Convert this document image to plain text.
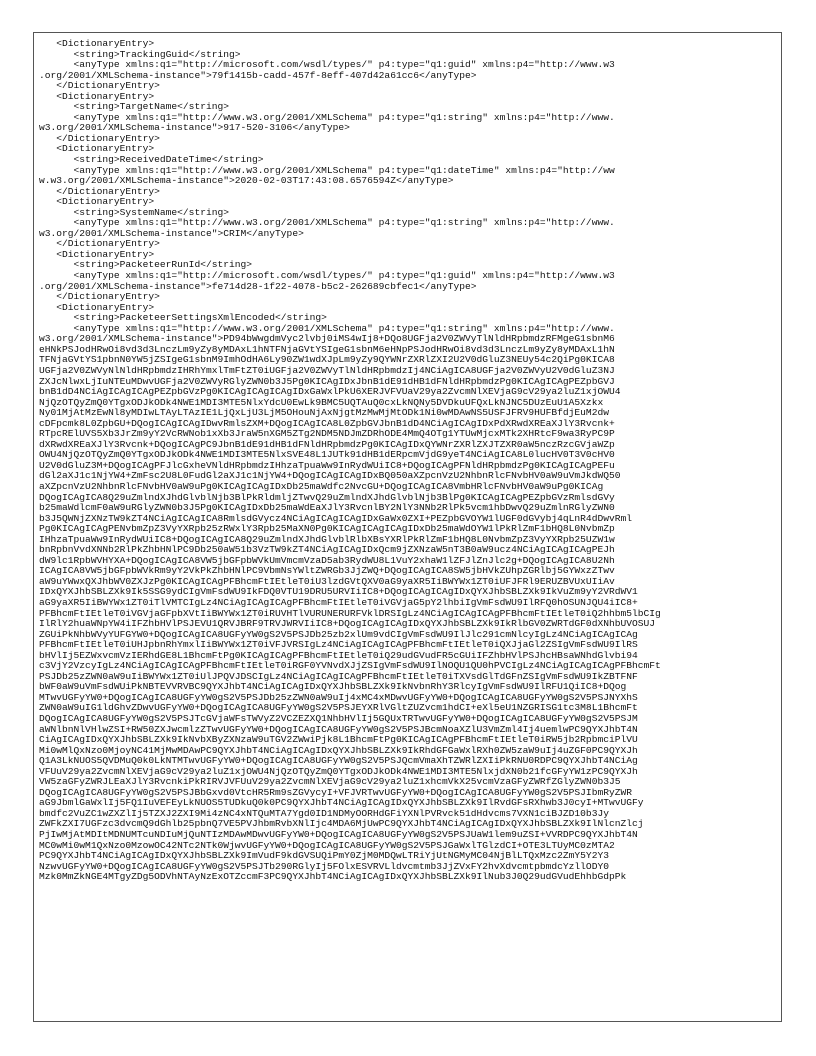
<DictionaryEntry>
<string>TrackingGuid</string>
<anyType xmlns:q1="http://microsoft.com/wsdl/types/" p4:type="q1:guid" xmlns:p4="http://www.w3
.org/2001/XMLSchema-instance">79f1415b-cadd-457f-8eff-407d42a61cc6</anyType>
</DictionaryEntry>
<DictionaryEntry>
<string>TargetName</string>
<anyType xmlns:q1="http://www.w3.org/2001/XMLSchema" p4:type="q1:string" xmlns:p4="http://www.
w3.org/2001/XMLSchema-instance">917-520-3106</anyType>
</DictionaryEntry>
<DictionaryEntry>
<string>ReceivedDateTime</string>
<anyType xmlns:q1="http://www.w3.org/2001/XMLSchema" p4:type="q1:dateTime" xmlns:p4="http://ww
w.w3.org/2001/XMLSchema-instance">2020-02-03T17:43:08.6576594Z</anyType>
</DictionaryEntry>
<DictionaryEntry>
<string>SystemName</string>
<anyType xmlns:q1="http://www.w3.org/2001/XMLSchema" p4:type="q1:string" xmlns:p4="http://www.
w3.org/2001/XMLSchema-instance">CRIM</anyType>
</DictionaryEntry>
<DictionaryEntry>
<string>PacketeerRunId</string>
<anyType xmlns:q1="http://microsoft.com/wsdl/types/" p4:type="q1:guid" xmlns:p4="http://www.w3
.org/2001/XMLSchema-instance">fe714d28-1f22-4078-b5c2-262689cbfec1</anyType>
</DictionaryEntry>
<DictionaryEntry>
<string>PacketeerSettingsXmlEncoded</string>
<anyType xmlns:q1="http://www.w3.org/2001/XMLSchema" p4:type="q1:string" xmlns:p4="http://www.
w3.org/2001/XMLSchema-instance">PD94bWwgdmVyc2lvbj0iMS4wIj8+DQo8UGFja2V0ZWVyTlNldHRpbmdzRFMgeG1sbnM6
eHNkPSJodHRwOi8vd3d3LnczLm9yZy8yMDAxL1hNTFNjaGVtYSIgeG1sbnM6eHNpPSJodHRwOi8vd3d3LnczLm9yZy8yMDAxL1hN
TFNjaGVtYS1pbnN0YW5jZSIgeG1sbnM9ImhOdHA6Ly90ZW1wdXJpLm9yZy9QYWNrZXRlZXI2U2V0dGluZ3NEUy54c2QiPg0KICA8
UGFja2V0ZWVyNlNldHRpbmdzIHRhYmxlTmFtZT0iUGFja2V0ZWVyTlNldHRpbmdzIj4NCiAgICA8UGFja2V0ZWVyU2V0dGluZ3NJ
ZXJcNlwxLjIuNTEuMDwvUGFja2V0ZWVyRGlyZWN0b3J5Pg0KICAgIDxJbnB1dE91dHB1dFNldHRpbmdzPg0KICAgICAgPEZpbGVJ
bnB1dD4NCiAgICAgICAgPEZpbGVzPg0KICAgICAgICAgIDxGaWxlPkU6XERJVFVUaV29ya2ZvcmNlXEVjaG9cV29ya2luZ1xjOWU4
NjQzOTQyZmQ0YTgxODJkODk4NWE1MDI3MTE5NlxYdcU0EwLk9BMC5UQTAuQ0cxLkNQNy5DVDkuUFQxLkNJNC5DUzEuU1A5Xzkx
Ny01MjAtMzEwNl8yMDIwLTAyLTAzIE1LjQxLjU3LjM5OHouNjAxNjgtMzMwMjMtODk1Ni0wMDAwNS5USFJFRV9HUFBfdjEuM2dw
cDFpcmk8L0ZpbGU+DQogICAgICAgIDwvRmlsZXM+DQogICAgICA8L0ZpbGVJbnB1dD4NCiAgICAgIDxPdXRwdXREaXJlY3Rvcnk+
RTpcRElUVS5Xb3JrZm9yY2VcRWNob1xXb3JraW5nXGM5ZTg2NDM5NDJmZDRhODE4MmQ4OTg1YTUwMjcxMTk2XHRtcF9wa3RyPC9P
dXRwdXREaXJlY3Rvcnk+DQogICAgPC9JbnB1dE91dHB1dFNldHRpbmdzPg0KICAgIDxQYWNrZXRlZXJTZXR0aW5nczRzcGVjaWZp
OWU4NjQzOTQyZmQ0YTgxODJkODk4NWE1MDI3MTE5NlxSVE48L1JUTk91dHB1dERpcmVjdG9yeT4NCiAgICA8L0lucHV0T3V0cHV0
U2V0dGluZ3M+DQogICAgPFJlcGxheVNldHRpbmdzIHhzaTpuaWw9InRydWUiIC8+DQogICAgPFNldHRpbmdzPg0KICAgICAgPEFu
dGl2aXJ1c1NjYW4+ZmFsc2U8L0FudGl2aXJ1c1NjYW4+DQogICAgICAgIDxBQ050aXZpcnVzU2NhbnRlcFNvbHV0aW9uVmJkdWQ50
aXZpcnVzU2NhbnRlcFNvbHV0aW9uPg0KICAgICAgIDxDb25maWdfc2NvcGU+DQogICAgICA8VmbHRlcFNvbHV0aW9uPg0KICAg
DQogICAgICA8Q29uZmlndXJhdGlvblNjb3BlPkRldmljZTwvQ29uZmlndXJhdGlvblNjb3BlPg0KICAgICAgPEZpbGVzRmlsdGVy
b25maWdlcmF0aW9uRGlyZWN0b3J5Pg0KICAgIDxDb25maWdEaXJlY3RvcnlBY2NlY3NNb2RlPk5vcm1hbDwvQ29uZmlnRGlyZWN0
b3J5QWNjZXNzTW9kZT4NCiAgICAgICA8RmlsdGVycz4NCiAgICAgICAgIDxGaWx0ZXI+PEZpbGVOYW1lUGF0dGVybj4qLnR4dDwvRml
Pg0KICAgICAgPENvbmZpZ3VyYXRpb25zRWxlY3Rpb25MaXN0Pg0KICAgICAgICAgIDxDb25maWdOYW1lPkRlZmF1bHQ8L0NvbmZp
IHhzaTpuaWw9InRydWUiIC8+DQogICAgICA8Q29uZmlndXJhdGlvblRlbXBsYXRlPkRlZmF1bHQ8L0NvbmZpZ3VyYXRpb25UZW1w
bnRpbnVvdXNNb2RlPkZhbHNlPC9Db250aW51b3VzTW9kZT4NCiAgICAgIDxQcm9jZXNzaW5nT3B0aW9ucz4NCiAgICAgICAgPEJh
dW9lc1RpbWVHYXA+DQogICAgICA8VW5jbGFpbWVkUmVmcmVzaD5ab3RydWU8L1VuY2xhaW1lZFJlZnJlc2g+DQogICAgICA8U2Nh
ICAgICA8VW5jbGFpbWVkRm9yY2VkPkZhbHNlPC9VbmNsYWltZWRGb3JjZWQ+DQogICAgICA8SW5jbHVkZUhpZGRlbj5GYWxzZTwv
aW9uYWwxQXJhbWV0ZXJzPg0KICAgICAgPFBhcmFtIEtleT0iU3lzdGVtQXV0aG9yaXR5IiBWYWx1ZT0iUFJFRl9ERUZBVUxUIiAv
IDxQYXJhbSBLZXk9Ik5SSG9ydCIgVmFsdWU9IkFDQ0VTU19DRU5URVIiIC8+DQogICAgICAgIDxQYXJhbSBLZXk9IkVuZm9yY2VRdWV1
aG9yaXR5IiBWYWx1ZT0iTlVMTCIgLz4NCiAgICAgICAgPFBhcmFtIEtleT0iVGVjaG5pY2lhbiIgVmFsdWU9IlRFQ0hOSUNJQU4iIC8+
PFBhcmFtIEtleT0iVGVjaGFpbXVtIiBWYWx1ZT0iRUVHTlVURUNERURFVklDRSIgLz4NCiAgICAgICAgPFBhcmFtIEtleT0iQ2hhbm5lbCIg
IlRlY2huaWNpYW4iIFZhbHVlPSJEVU1QRVJBRF9TRVJWRVIiIC8+DQogICAgICAgIDxQYXJhbSBLZXk9IkRlbGV0ZWRTdGF0dXNhbUVOSUJ
ZGUiPkNhbWVyYUFGYW0+DQogICAgICA8UGFyYW0gS2V5PSJDb25zb2xlUm9vdCIgVmFsdWU9IlJlc291cmNlcyIgLz4NCiAgICAgICAg
PFBhcmFtIEtleT0iUHJpbnRhYmxlIiBWYWx1ZT0iVFJVRSIgLz4NCiAgICAgICAgPFBhcmFtIEtleT0iQXJjaGl2ZSIgVmFsdWU9IlRS
bHVlIj5EZWxvcmVzIERhdGE8L1BhcmFtPg0KICAgICAgPFBhcmFtIEtleT0iQ29udGVudFR5cGUiIFZhbHVlPSJhcHBsaWNhdGlvbi94
c3VjY2VzcyIgLz4NCiAgICAgICAgPFBhcmFtIEtleT0iRGF0YVNvdXJjZSIgVmFsdWU9IlNOQU1QU0hPVCIgLz4NCiAgICAgICAgPFBhcmFt
PSJDb25zZWN0aW9uIiBWYWx1ZT0iUlJPQVJDSCIgLz4NCiAgICAgICAgPFBhcmFtIEtleT0iTXVsdGlTdGFnZSIgVmFsdWU9IkZBTFNF
bWF0aW9uVmFsdWUiPkNBTEVVRVBC9QYXJhbT4NCiAgICAgIDxQYXJhbSBLZXk9IkNvbnRhY3RlcyIgVmFsdWU9IlRFU1QiIC8+DQog
MTwvUGFyYW0+DQogICAgICA8UGFyYW0gS2V5PSJDb25zZWN0aW9uIj4xMC4xMDwvUGFyYW0+DQogICAgICA8UGFyYW0gS2V5PSJNYXhS
ZWN0aW9uIG1ldGhvZDwvUGFyYW0+DQogICAgICA8UGFyYW0gS2V5PSJEYXRlVGltZUZvcm1hdCI+eXl5eU1NZGRISG1tc3M8L1BhcmFt
DQogICAgICA8UGFyYW0gS2V5PSJTcGVjaWFsTWVyZ2VCZEZXQ1NhbHVlIj5GQUxTRTwvUGFyYW0+DQogICAgICA8UGFyYW0gS2V5PSJM
aWNlbnNlVHlwZSI+RW50ZXJwcmlzZTwvUGFyYW0+DQogICAgICA8UGFyYW0gS2V5PSJBcmNoaXZlU3VmZml4Ij4uemlwPC9QYXJhbT4N
CiAgICAgIDxQYXJhbSBLZXk9IkNvbXByZXNzaW9uTGV2ZWwiPjk8L1BhcmFtPg0KICAgICAgPFBhcmFtIEtleT0iRW5jb2RpbmciPlVU
Mi0wMlQxNzo0MjoyNC41MjMwMDAwPC9QYXJhbT4NCiAgICAgIDxQYXJhbSBLZXk9IkRhdGFGaWxlRXh0ZW5zaW9uIj4uZGF0PC9QYXJh
Q1A3LkNUOS5QVDMuQ0k0LkNTMTwvUGFyYW0+DQogICAgICA8UGFyYW0gS2V5PSJQcmVmaXhTZWRlZXIiPkRNU0RDPC9QYXJhbT4NCiAg
VFUuV29ya2ZvcmNlXEVjaG9cV29ya2luZ1xjOWU4NjQzOTQyZmQ0YTgxODJkODk4NWE1MDI3MTE5NlxjdXN0b21fcGFyYW1zPC9QYXJh
VW5zaGFyZWRJLEaXJlY3RvcnkiPkRIRVJVFUuV29ya2ZvcmNlXEVjaG9cV29ya2luZ1xhcmVkX25vcmVzaGFyZWRfZGlyZWN0b3J5
DQogICAgICA8UGFyYW0gS2V5PSJBbGxvd0VtcHR5Rm9sZGVycyI+VFJVRTwvUGFyYW0+DQogICAgICA8UGFyYW0gS2V5PSJIbmRyZWR
aG9JbmlGaWxlIj5FQ1IuVEFEyLkNUOS5TUDkuQ0k0PC9QYXJhbT4NCiAgICAgIDxQYXJhbSBLZXk9IlRvdGFsRXhwb3J0cyI+MTwvUGFy
bmdfc2VuZC1wZXZlIj5TZXJ2ZXI9Mi4zNC4xNTQuMTA7Ygd0ID1NDMyOORHdGFiYXNlPVRvck51dHdvcms7VXN1ciBJZD10b3Jy
ZWFkZXI7UGFzc3dvcmQ9dGhlb25pbnQ7VE5PVJhbmRvbXNlIjc4MDA6MjUwPC9QYXJhbT4NCiAgICAgIDxQYXJhbSBLZXk9IlNlcnZlcj
PjIwMjAtMDItMDNUMTcuNDIuMjQuNTIzMDAwMDwvUGFyYW0+DQogICAgICA8UGFyYW0gS2V5PSJUaW1lem9uZSI+VVRDPC9QYXJhbT4N
MC0wMi0wM1QxNzo0MzowOC42NTc2NTk0WjwvUGFyYW0+DQogICAgICA8UGFyYW0gS2V5PSJGaWxlTGlzdCI+OTE3LTUyMC0zMTA2
PC9QYXJhbT4NCiAgICAgIDxQYXJhbSBLZXk9ImVudF9kdGVSUQiPmY0ZjM0MDQwLTRiYjUtNGMyMC04NjBlLTQxMzc2ZmY5Y2Y3
NzwvUGFyYW0+DQogICAgICA8UGFyYW0gS2V5PSJTb290RGlyIj5FOlxESVRVLldvcmtmb3JjZVxFY2hvXdvcmtpbmdcYzllODY0
Mzk0MmZkNGE4MTgyZDg5ODVhNTAyNzExOTZccmF3PC9QYXJhbT4NCiAgICAgIDxQYXJhbSBLZXk9IlNub3J0Q29udGVudEhhbGdpPk
